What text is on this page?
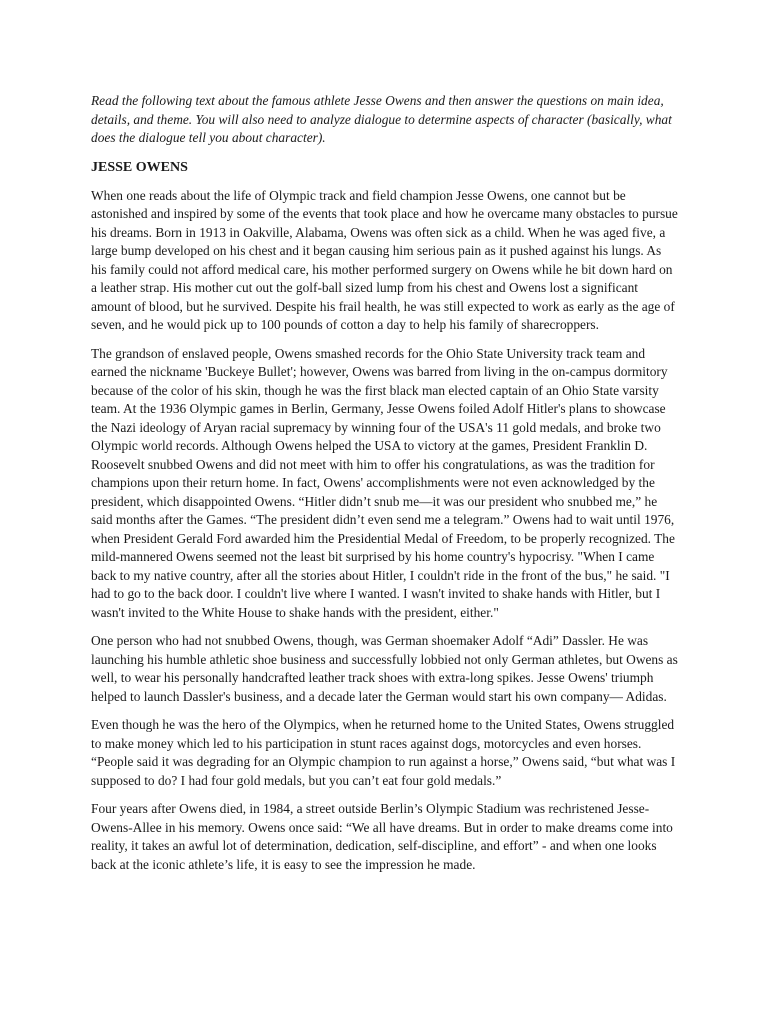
Read the following text about the famous athlete Jesse Owens and then answer the questions on main idea, details, and theme. You will also need to analyze dialogue to determine aspects of character (basically, what does the dialogue tell you about character).

JESSE OWENS

When one reads about the life of Olympic track and field champion Jesse Owens, one cannot but be astonished and inspired by some of the events that took place and how he overcame many obstacles to pursue his dreams. Born in 1913 in Oakville, Alabama, Owens was often sick as a child. When he was aged five, a large bump developed on his chest and it began causing him serious pain as it pushed against his lungs. As his family could not afford medical care, his mother performed surgery on Owens while he bit down hard on a leather strap. His mother cut out the golf-ball sized lump from his chest and Owens lost a significant amount of blood, but he survived. Despite his frail health, he was still expected to work as early as the age of seven, and he would pick up to 100 pounds of cotton a day to help his family of sharecroppers.

The grandson of enslaved people, Owens smashed records for the Ohio State University track team and earned the nickname 'Buckeye Bullet'; however, Owens was barred from living in the on-campus dormitory because of the color of his skin, though he was the first black man elected captain of an Ohio State varsity team. At the 1936 Olympic games in Berlin, Germany, Jesse Owens foiled Adolf Hitler's plans to showcase the Nazi ideology of Aryan racial supremacy by winning four of the USA's 11 gold medals, and broke two Olympic world records. Although Owens helped the USA to victory at the games, President Franklin D. Roosevelt snubbed Owens and did not meet with him to offer his congratulations, as was the tradition for champions upon their return home. In fact, Owens' accomplishments were not even acknowledged by the president, which disappointed Owens. “Hitler didn’t snub me—it was our president who snubbed me,” he said months after the Games. “The president didn’t even send me a telegram.” Owens had to wait until 1976, when President Gerald Ford awarded him the Presidential Medal of Freedom, to be properly recognized. The mild-mannered Owens seemed not the least bit surprised by his home country's hypocrisy. "When I came back to my native country, after all the stories about Hitler, I couldn't ride in the front of the bus," he said. "I had to go to the back door. I couldn't live where I wanted. I wasn't invited to shake hands with Hitler, but I wasn't invited to the White House to shake hands with the president, either."

One person who had not snubbed Owens, though, was German shoemaker Adolf “Adi” Dassler. He was launching his humble athletic shoe business and successfully lobbied not only German athletes, but Owens as well, to wear his personally handcrafted leather track shoes with extra-long spikes. Jesse Owens' triumph helped to launch Dassler's business, and a decade later the German would start his own company— Adidas.

Even though he was the hero of the Olympics, when he returned home to the United States, Owens struggled to make money which led to his participation in stunt races against dogs, motorcycles and even horses. “People said it was degrading for an Olympic champion to run against a horse,” Owens said, “but what was I supposed to do? I had four gold medals, but you can’t eat four gold medals.”

Four years after Owens died, in 1984, a street outside Berlin’s Olympic Stadium was rechristened Jesse-Owens-Allee in his memory. Owens once said: “We all have dreams. But in order to make dreams come into reality, it takes an awful lot of determination, dedication, self-discipline, and effort” - and when one looks back at the iconic athlete’s life, it is easy to see the impression he made.
